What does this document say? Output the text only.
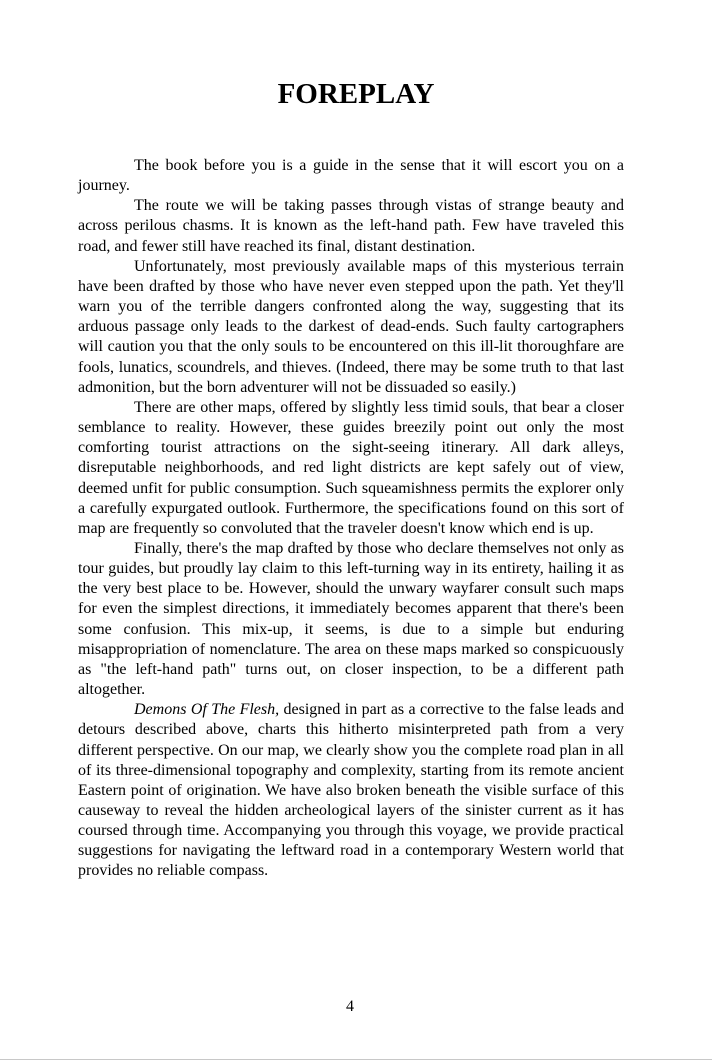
FOREPLAY

The book before you is a guide in the sense that it will escort you on a journey.

The route we will be taking passes through vistas of strange beauty and across perilous chasms. It is known as the left-hand path. Few have traveled this road, and fewer still have reached its final, distant destination.

Unfortunately, most previously available maps of this mysterious terrain have been drafted by those who have never even stepped upon the path. Yet they'll warn you of the terrible dangers confronted along the way, suggesting that its arduous passage only leads to the darkest of dead-ends. Such faulty cartographers will caution you that the only souls to be encountered on this ill-lit thoroughfare are fools, lunatics, scoundrels, and thieves. (Indeed, there may be some truth to that last admonition, but the born adventurer will not be dissuaded so easily.)

There are other maps, offered by slightly less timid souls, that bear a closer semblance to reality. However, these guides breezily point out only the most comforting tourist attractions on the sight-seeing itinerary. All dark alleys, disreputable neighborhoods, and red light districts are kept safely out of view, deemed unfit for public consumption. Such squeamishness permits the explorer only a carefully expurgated outlook. Furthermore, the specifications found on this sort of map are frequently so convoluted that the traveler doesn't know which end is up.

Finally, there's the map drafted by those who declare themselves not only as tour guides, but proudly lay claim to this left-turning way in its entirety, hailing it as the very best place to be. However, should the unwary wayfarer consult such maps for even the simplest directions, it immediately becomes apparent that there's been some confusion. This mix-up, it seems, is due to a simple but enduring misappropriation of nomenclature. The area on these maps marked so conspicuously as "the left-hand path" turns out, on closer inspection, to be a different path altogether.

Demons Of The Flesh, designed in part as a corrective to the false leads and detours described above, charts this hitherto misinterpreted path from a very different perspective. On our map, we clearly show you the complete road plan in all of its three-dimensional topography and complexity, starting from its remote ancient Eastern point of origination. We have also broken beneath the visible surface of this causeway to reveal the hidden archeological layers of the sinister current as it has coursed through time. Accompanying you through this voyage, we provide practical suggestions for navigating the leftward road in a contemporary Western world that provides no reliable compass.

4
